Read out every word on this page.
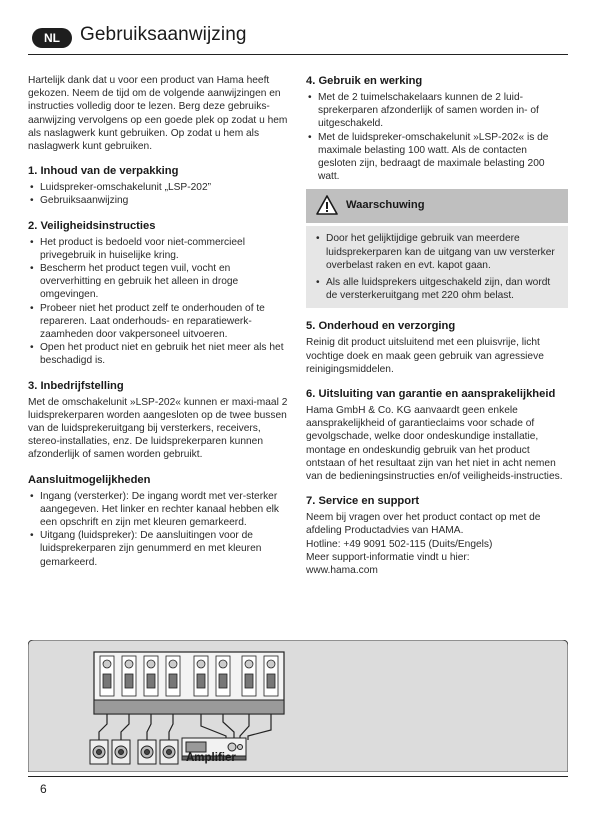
NL	Gebruiksaanwijzing

Hartelijk dank dat u voor een product van Hama heeft gekozen. Neem de tijd om de volgende aanwijzingen en instructies volledig door te lezen. Berg deze gebruiks-aanwijzing vervolgens op een goede plek op zodat u hem als naslagwerk kunt gebruiken. Op zodat u hem als naslagwerk kunt gebruiken.

1. Inhoud van de verpakking
• Luidspreker-omschakelunit „LSP-202”
• Gebruiksaanwijzing
2. Veiligheidsinstructies
• Het product is bedoeld voor niet-commercieel privegebruik in huiselijke kring.
• Bescherm het product tegen vuil, vocht en oververhitting en gebruik het alleen in droge omgevingen.
• Probeer niet het product zelf te onderhouden of te repareren. Laat onderhouds- en reparatiewerk-zaamheden door vakpersoneel uitvoeren.
• Open het product niet en gebruik het niet meer als het beschadigd is.
3. Inbedrijfstelling

Met de omschakelunit »LSP-202« kunnen er maxi-maal 2 luidsprekerparen worden aangesloten op de twee bussen van de luidsprekeruitgang bij versterkers, receivers, stereo-installaties, enz. De luidsprekerparen kunnen afzonderlijk of samen worden gebruikt.

Aansluitmogelijkheden
• Ingang (versterker): De ingang wordt met ver-sterker aangegeven. Het linker en rechter kanaal hebben elk een opschrift en zijn met kleuren gemarkeerd.
• Uitgang (luidspreker): De aansluitingen voor de luidsprekerparen zijn genummerd en met kleuren gemarkeerd.
4. Gebruik en werking
• Met de 2 tuimelschakelaars kunnen de 2 luid-sprekerparen afzonderlijk of samen worden in- of uitgeschakeld.
• Met de luidspreker-omschakelunit »LSP-202« is de maximale belasting 100 watt. Als de contacten gesloten zijn, bedraagt de maximale belasting 200 watt.
Waarschuwing
• Door het gelijktijdige gebruik van meerdere luidsprekerparen kan de uitgang van uw versterker overbelast raken en evt. kapot gaan.
• Als alle luidsprekers uitgeschakeld zijn, dan wordt de versterkeruitgang met 220 ohm belast.
5. Onderhoud en verzorging

Reinig dit product uitsluitend met een pluisvrije, licht vochtige doek en maak geen gebruik van agressieve reinigingsmiddelen.

6. Uitsluiting van garantie en aansprakelijkheid

Hama GmbH & Co. KG aanvaardt geen enkele aansprakelijkheid of garantieclaims voor schade of gevolgschade, welke door ondeskundige installatie, montage en ondeskundig gebruik van het product ontstaan of het resultaat zijn van het niet in acht nemen van de bedieningsinstructies en/of veiligheids-instructies.

7. Service en support

Neem bij vragen over het product contact op met de afdeling Productadvies van HAMA.

Hotline: +49 9091 502-115 (Duits/Engels)

Meer support-informatie vindt u hier:

www.hama.com

Amplifier
6
